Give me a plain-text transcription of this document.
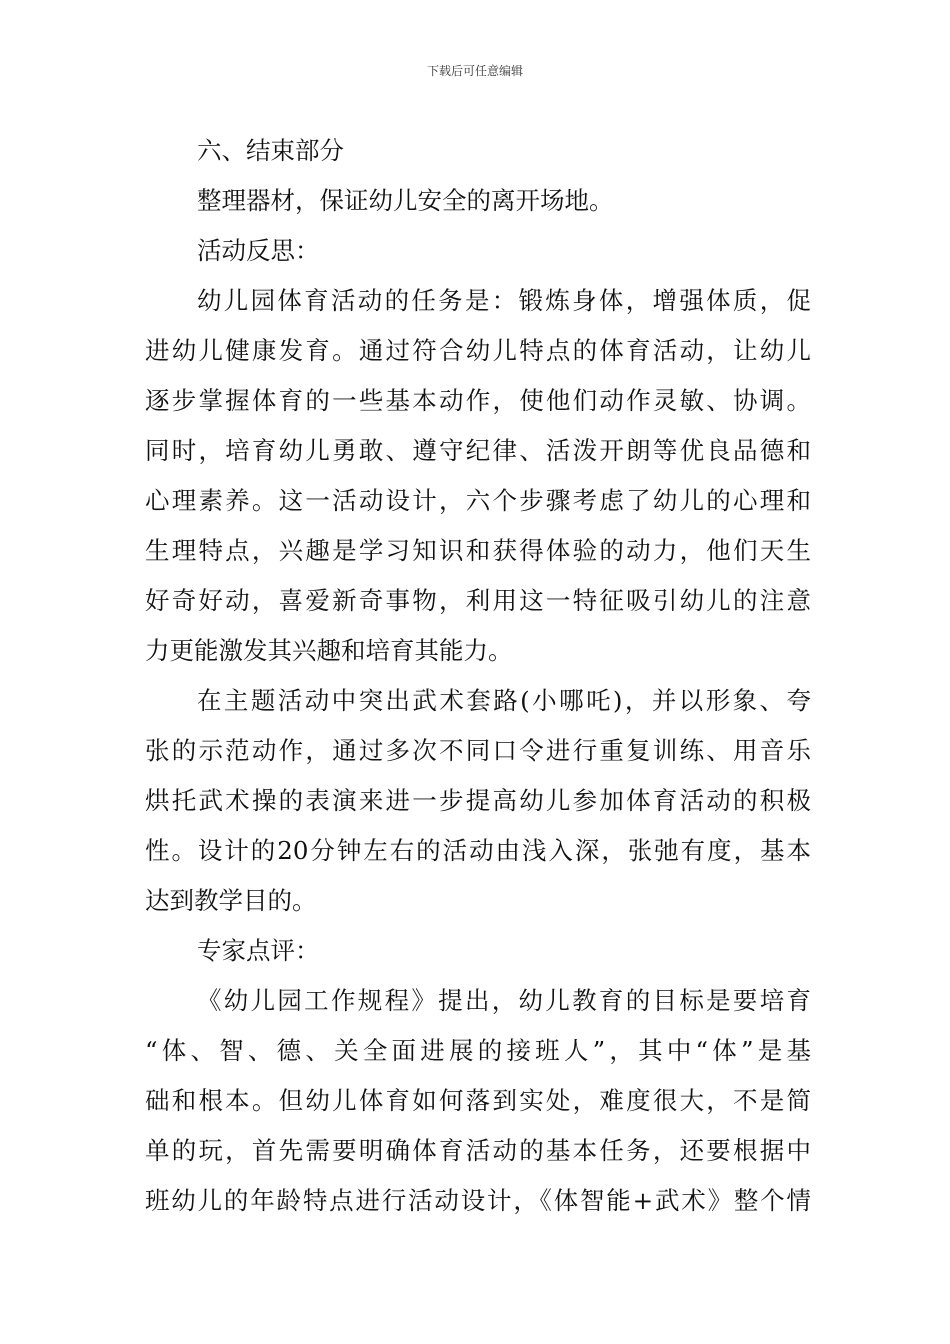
下载后可任意编辑
六、结束部分
整理器材，保证幼儿安全的离开场地。
活动反思：
幼儿园体育活动的任务是：锻炼身体，增强体质，促
进幼儿健康发育。通过符合幼儿特点的体育活动，让幼儿
逐步掌握体育的一些基本动作，使他们动作灵敏、协调。
同时，培育幼儿勇敢、遵守纪律、活泼开朗等优良品德和
心理素养。这一活动设计，六个步骤考虑了幼儿的心理和
生理特点，兴趣是学习知识和获得体验的动力，他们天生
好奇好动，喜爱新奇事物，利用这一特征吸引幼儿的注意
力更能激发其兴趣和培育其能力。
在主题活动中突出武术套路(小哪吒)，并以形象、夸
张的示范动作，通过多次不同口令进行重复训练、用音乐
烘托武术操的表演来进一步提高幼儿参加体育活动的积极
性。设计的20分钟左右的活动由浅入深，张弛有度，基本
达到教学目的。
专家点评：
《幼儿园工作规程》提出，幼儿教育的目标是要培育
“体、智、德、关全面进展的接班人”，其中“体”是基
础和根本。但幼儿体育如何落到实处，难度很大，不是简
单的玩，首先需要明确体育活动的基本任务，还要根据中
班幼儿的年龄特点进行活动设计，《体智能+武术》整个情
